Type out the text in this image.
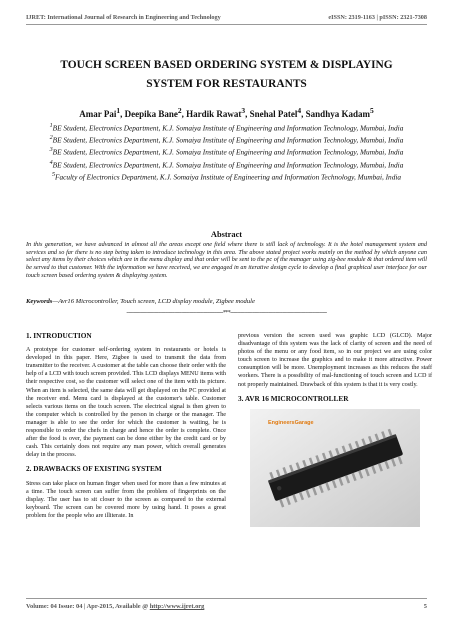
IJRET: International Journal of Research in Engineering and Technology	eISSN: 2319-1163 | pISSN: 2321-7308
TOUCH SCREEN BASED ORDERING SYSTEM & DISPLAYING
SYSTEM FOR RESTAURANTS
Amar Pai$^1$, Deepika Bane$^2$, Hardik Rawat$^3$, Snehal Patel$^4$, Sandhya Kadam$^5$
$^1$BE Student, Electronics Department, K.J. Somaiya Institute of Engineering and Information Technology, Mumbai, India
$^2$BE Student, Electronics Department, K.J. Somaiya Institute of Engineering and Information Technology, Mumbai, India
$^3$BE Student, Electronics Department, K.J. Somaiya Institute of Engineering and Information Technology, Mumbai, India
$^4$BE Student, Electronics Department, K.J. Somaiya Institute of Engineering and Information Technology, Mumbai, India
$^5$Faculty of Electronics Department, K.J. Somaiya Institute of Engineering and Information Technology, Mumbai, India
Abstract
In this generation, we have advanced in almost all the areas except one field where there is still lack of technology. It is the hotel management system and services and so far there is no step being taken to introduce technology in this area. The above stated project works mainly on the method by which anyone can select any items by their choices which are in the menu display and that order will be sent to the pc of the manager using zig-bee module & that ordered item will be served to that customer. With the information we have received, we are engaged in an iterative design cycle to develop a final graphical user interface for our touch screen based ordering system & displaying system.
Keywords—Avr16 Microcontroller, Touch screen, LCD display module, Zigbee module
---------------------------------------------------------------------***---------------------------------------------------------------------
1. INTRODUCTION

A prototype for customer self-ordering system in restaurants or hotels is developed in this paper. Here, Zigbee is used to transmit the data from transmitter to the receiver. A customer at the table can choose their order with the help of a LCD with touch screen provided. This LCD displays MENU items with their respective cost, so the customer will select one of the item with its picture. When an item is selected, the same data will get displayed on the PC provided at the receiver end. Menu card is displayed at the customer's table. Customer selects various items on the touch screen. The electrical signal is then given to the computer which is controlled by the person in charge or the manager. The manager is able to see the order for which the customer is waiting, he is responsible to order the chefs in charge and hence the order is complete. Once after the food is over, the payment can be done either by the credit card or by cash. This certainly does not require any man power, which overall generates delay in the process.

2. DRAWBACKS OF EXISTING SYSTEM

Stress can take place on human finger when used for more than a few minutes at a time. The touch screen can suffer from the problem of fingerprints on the display. The user has to sit closer to the screen as compared to the external keyboard. The screen can be covered more by using hand. It poses a great problem for the people who are illiterate. In

previous version the screen used was graphic LCD (GLCD). Major disadvantage of this system was the lack of clarity of screen and the need of photos of the menu or any food item, so in our project we are using color touch screen to increase the graphics and to make it more attractive. Power consumption will be more. Unemployment increases as this reduces the staff workers. There is a possibility of mal-functioning of touch screen and LCD if not properly maintained. Drawback of this system is that it is very costly.

3. AVR 16 MICROCONTROLLER
EngineersGarage
Volume: 04 Issue: 04 | Apr-2015, Available @ http://www.ijret.org	5
